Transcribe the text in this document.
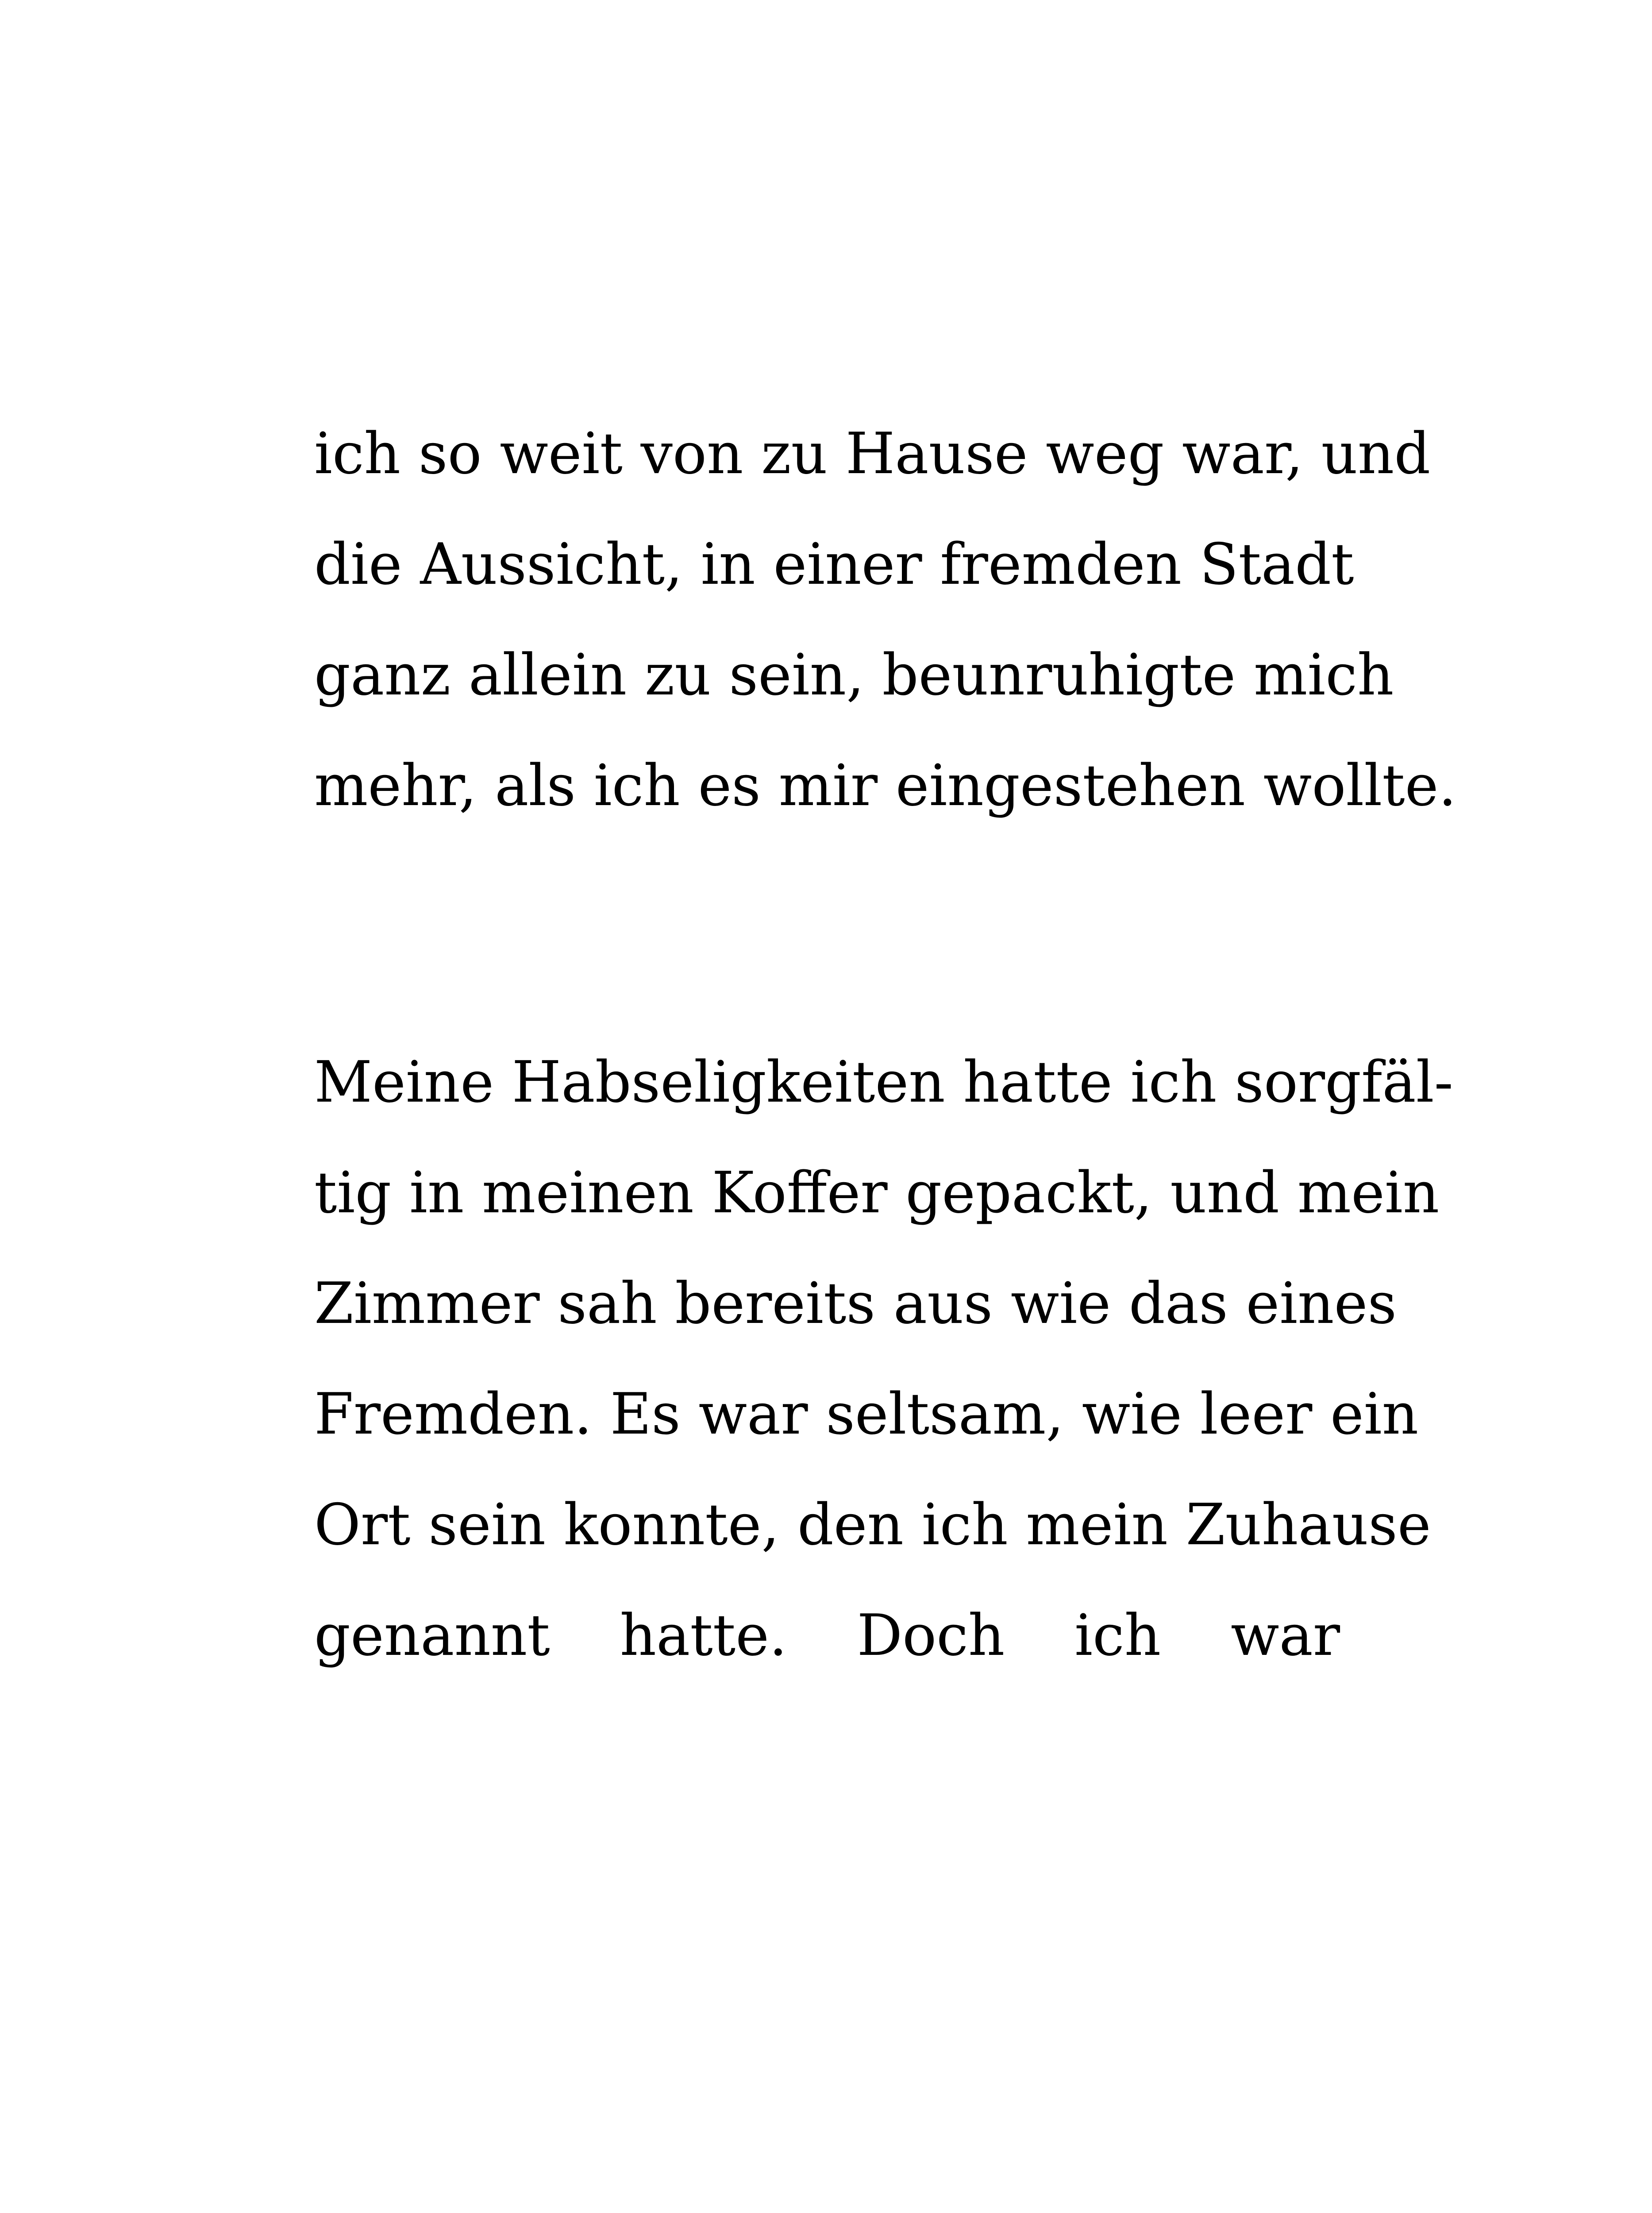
ich so weit von zu Hause weg war, und
die Aussicht, in einer fremden Stadt
ganz allein zu sein, beunruhigte mich
mehr, als ich es mir eingestehen wollte.
Meine Habseligkeiten hatte ich sorgfäl-
tig in meinen Koffer gepackt, und mein
Zimmer sah bereits aus wie das eines
Fremden. Es war seltsam, wie leer ein
Ort sein konnte, den ich mein Zuhause
genannt hatte. Doch ich war
